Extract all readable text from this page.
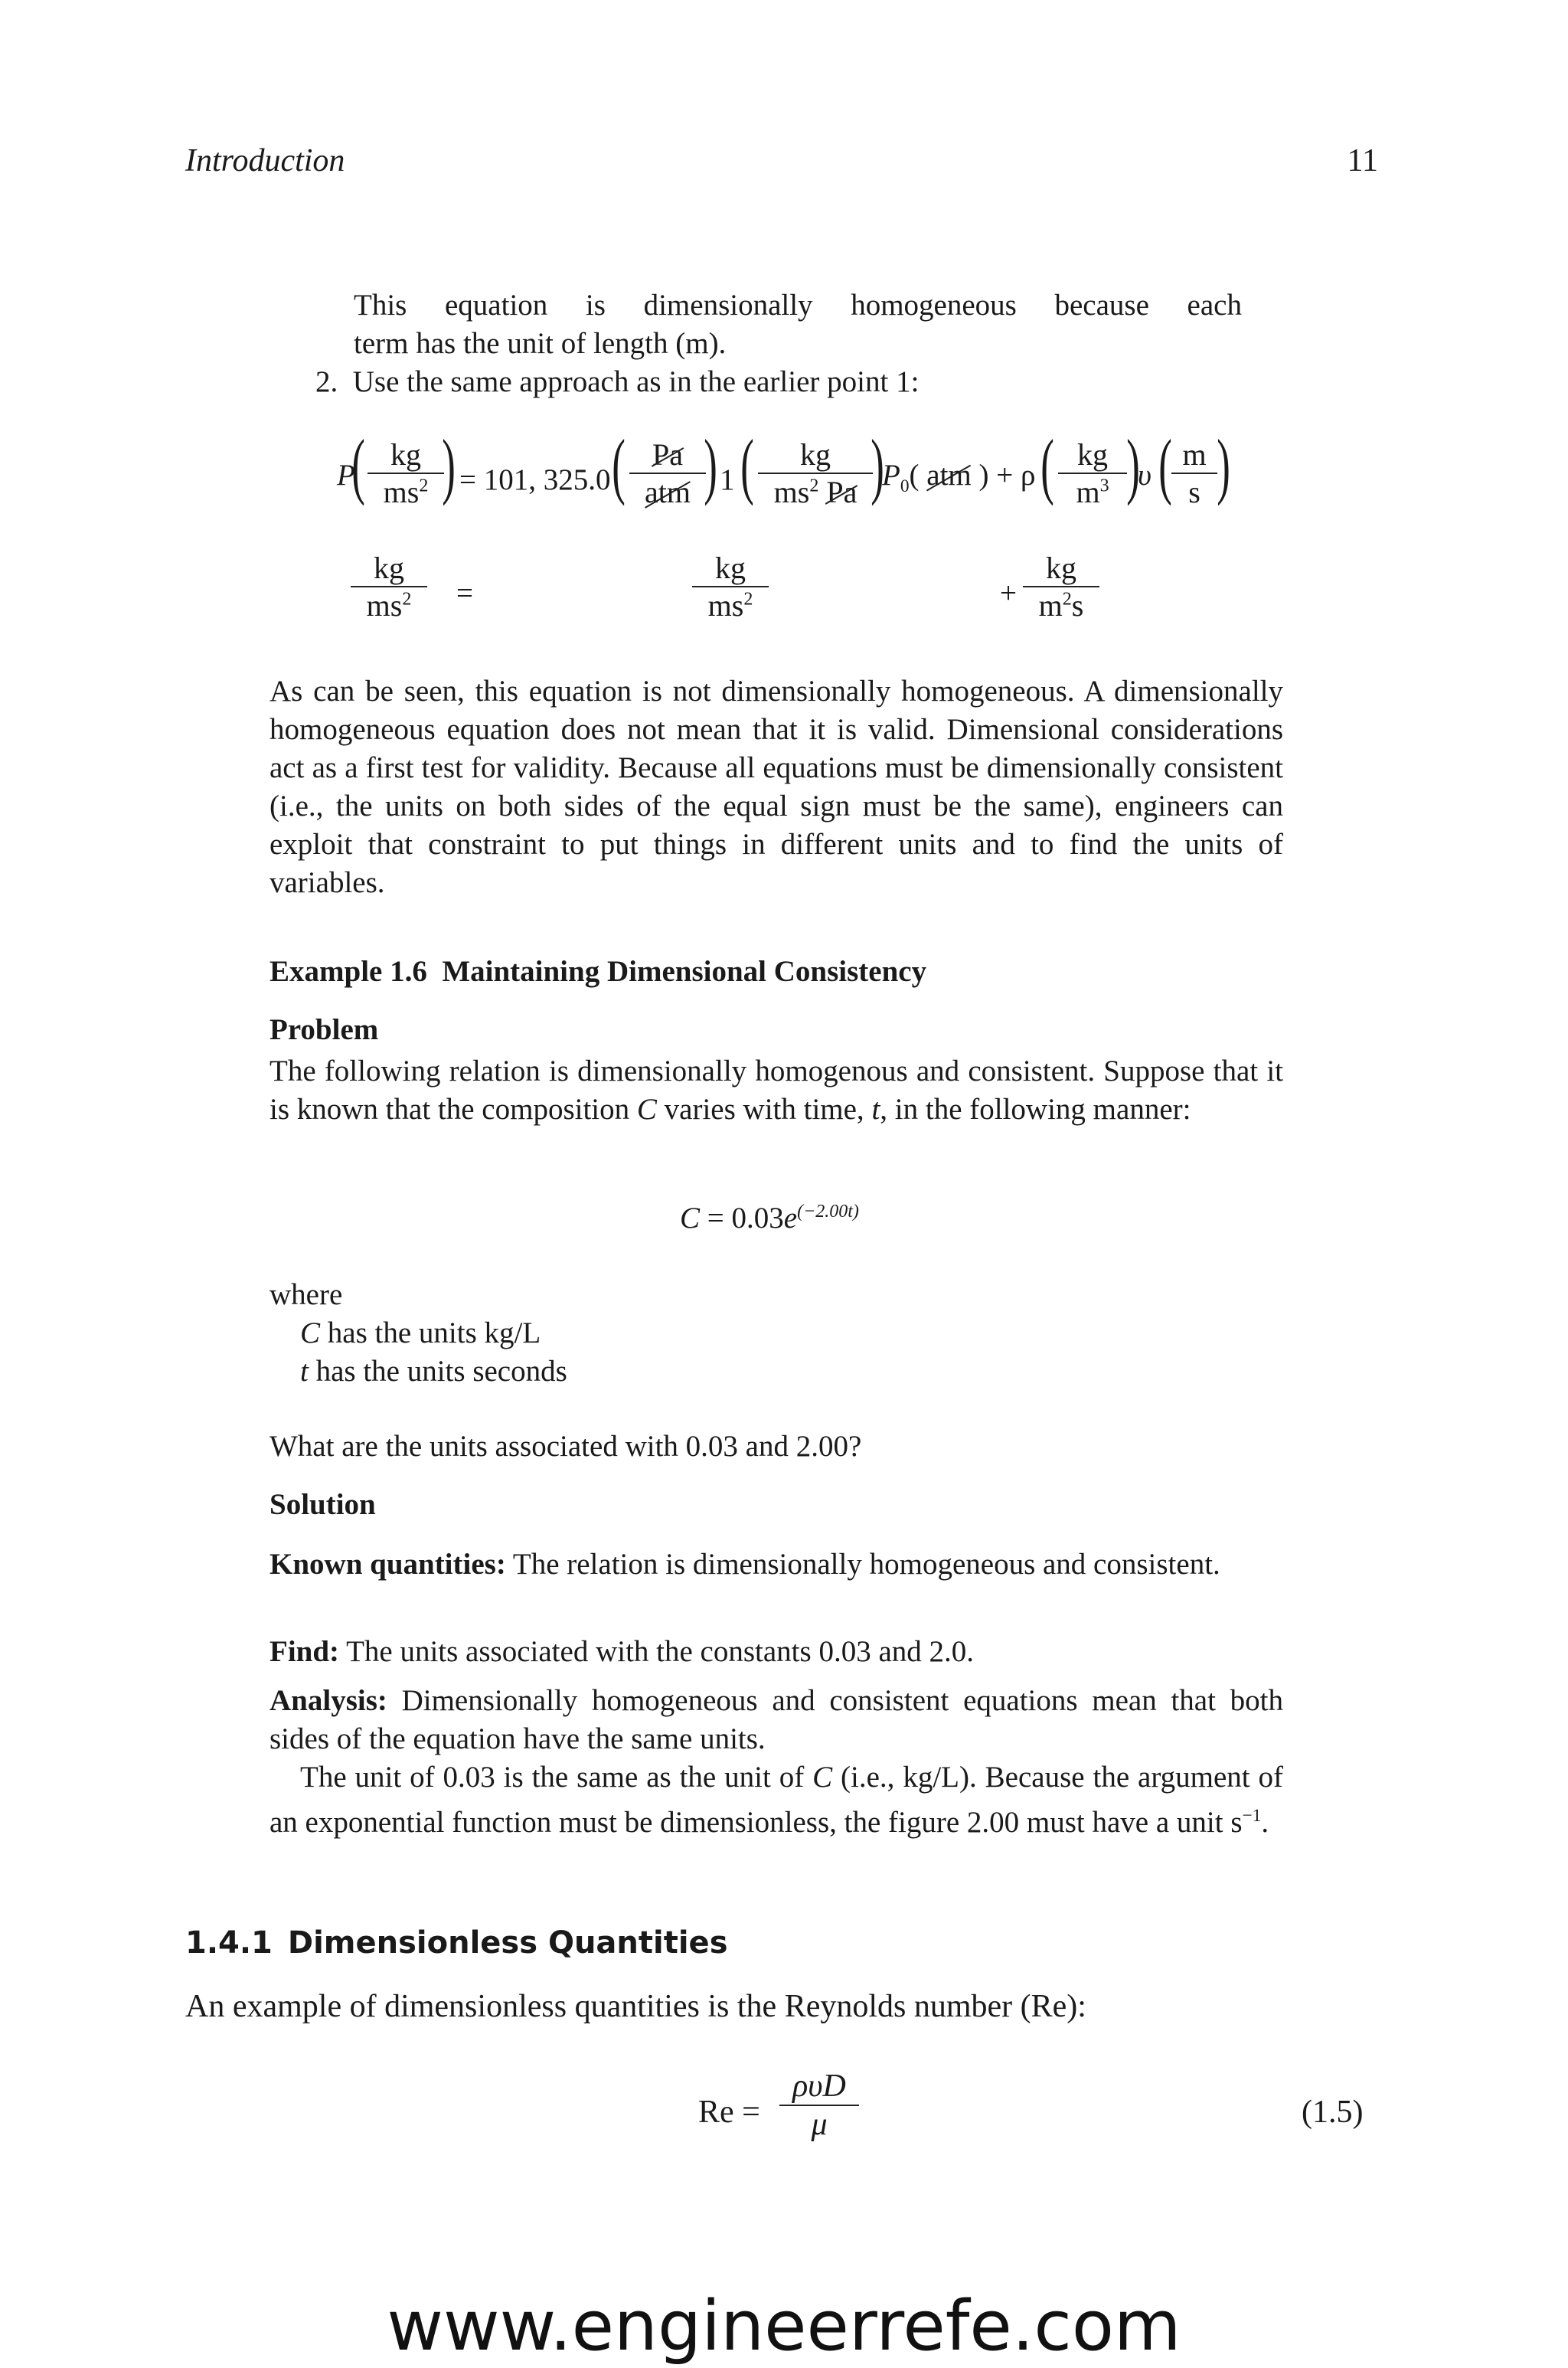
Introduction	11
This equation is dimensionally homogeneous because each
term has the unit of length (m).
2. Use the same approach as in the earlier point 1:
P
( $\frac{kg}{ms^2}$
) = 101, 325.0 ( Pa
atm ) 1 ( $\frac{kg}{ms^2 Pa}$
)
$P_0$( atm ) + ρ ( $\frac{kg}{m^3}$ )
υ ( $\frac{m}{s}$ )
$\frac{kg}{ms^2}$ =	$\frac{kg}{ms^2}$	+ $\frac{kg}{m^2s}$
As can be seen, this equation is not dimensionally homogeneous. A dimensionally homogeneous equation does not mean that it is valid. Dimensional considerations act as a first test for validity. Because all equations must be dimensionally consistent (i.e., the units on both sides of the equal sign must be the same), engineers can exploit that constraint to put things in different units and to find the units of variables.
Example 1.6 Maintaining Dimensional Consistency
Problem
The following relation is dimensionally homogenous and consistent. Suppose that it is known that the composition C varies with time, t, in the following manner:
$C = 0.03e^{(-2.00t)}$
where
C has the units kg/L
t has the units seconds
What are the units associated with 0.03 and 2.00?
Solution
Known quantities: The relation is dimensionally homogeneous and consistent.
Find: The units associated with the constants 0.03 and 2.0.
Analysis: Dimensionally homogeneous and consistent equations mean that both sides of the equation have the same units.
The unit of 0.03 is the same as the unit of C (i.e., kg/L). Because the argument of an exponential function must be dimensionless, the figure 2.00 must have a unit $s^{-1}$.
1.4.1 Dimensionless Quantities
An example of dimensionless quantities is the Reynolds number (Re):
Re =
ρυD
μ	(1.5)
www.engineerrefe.com
